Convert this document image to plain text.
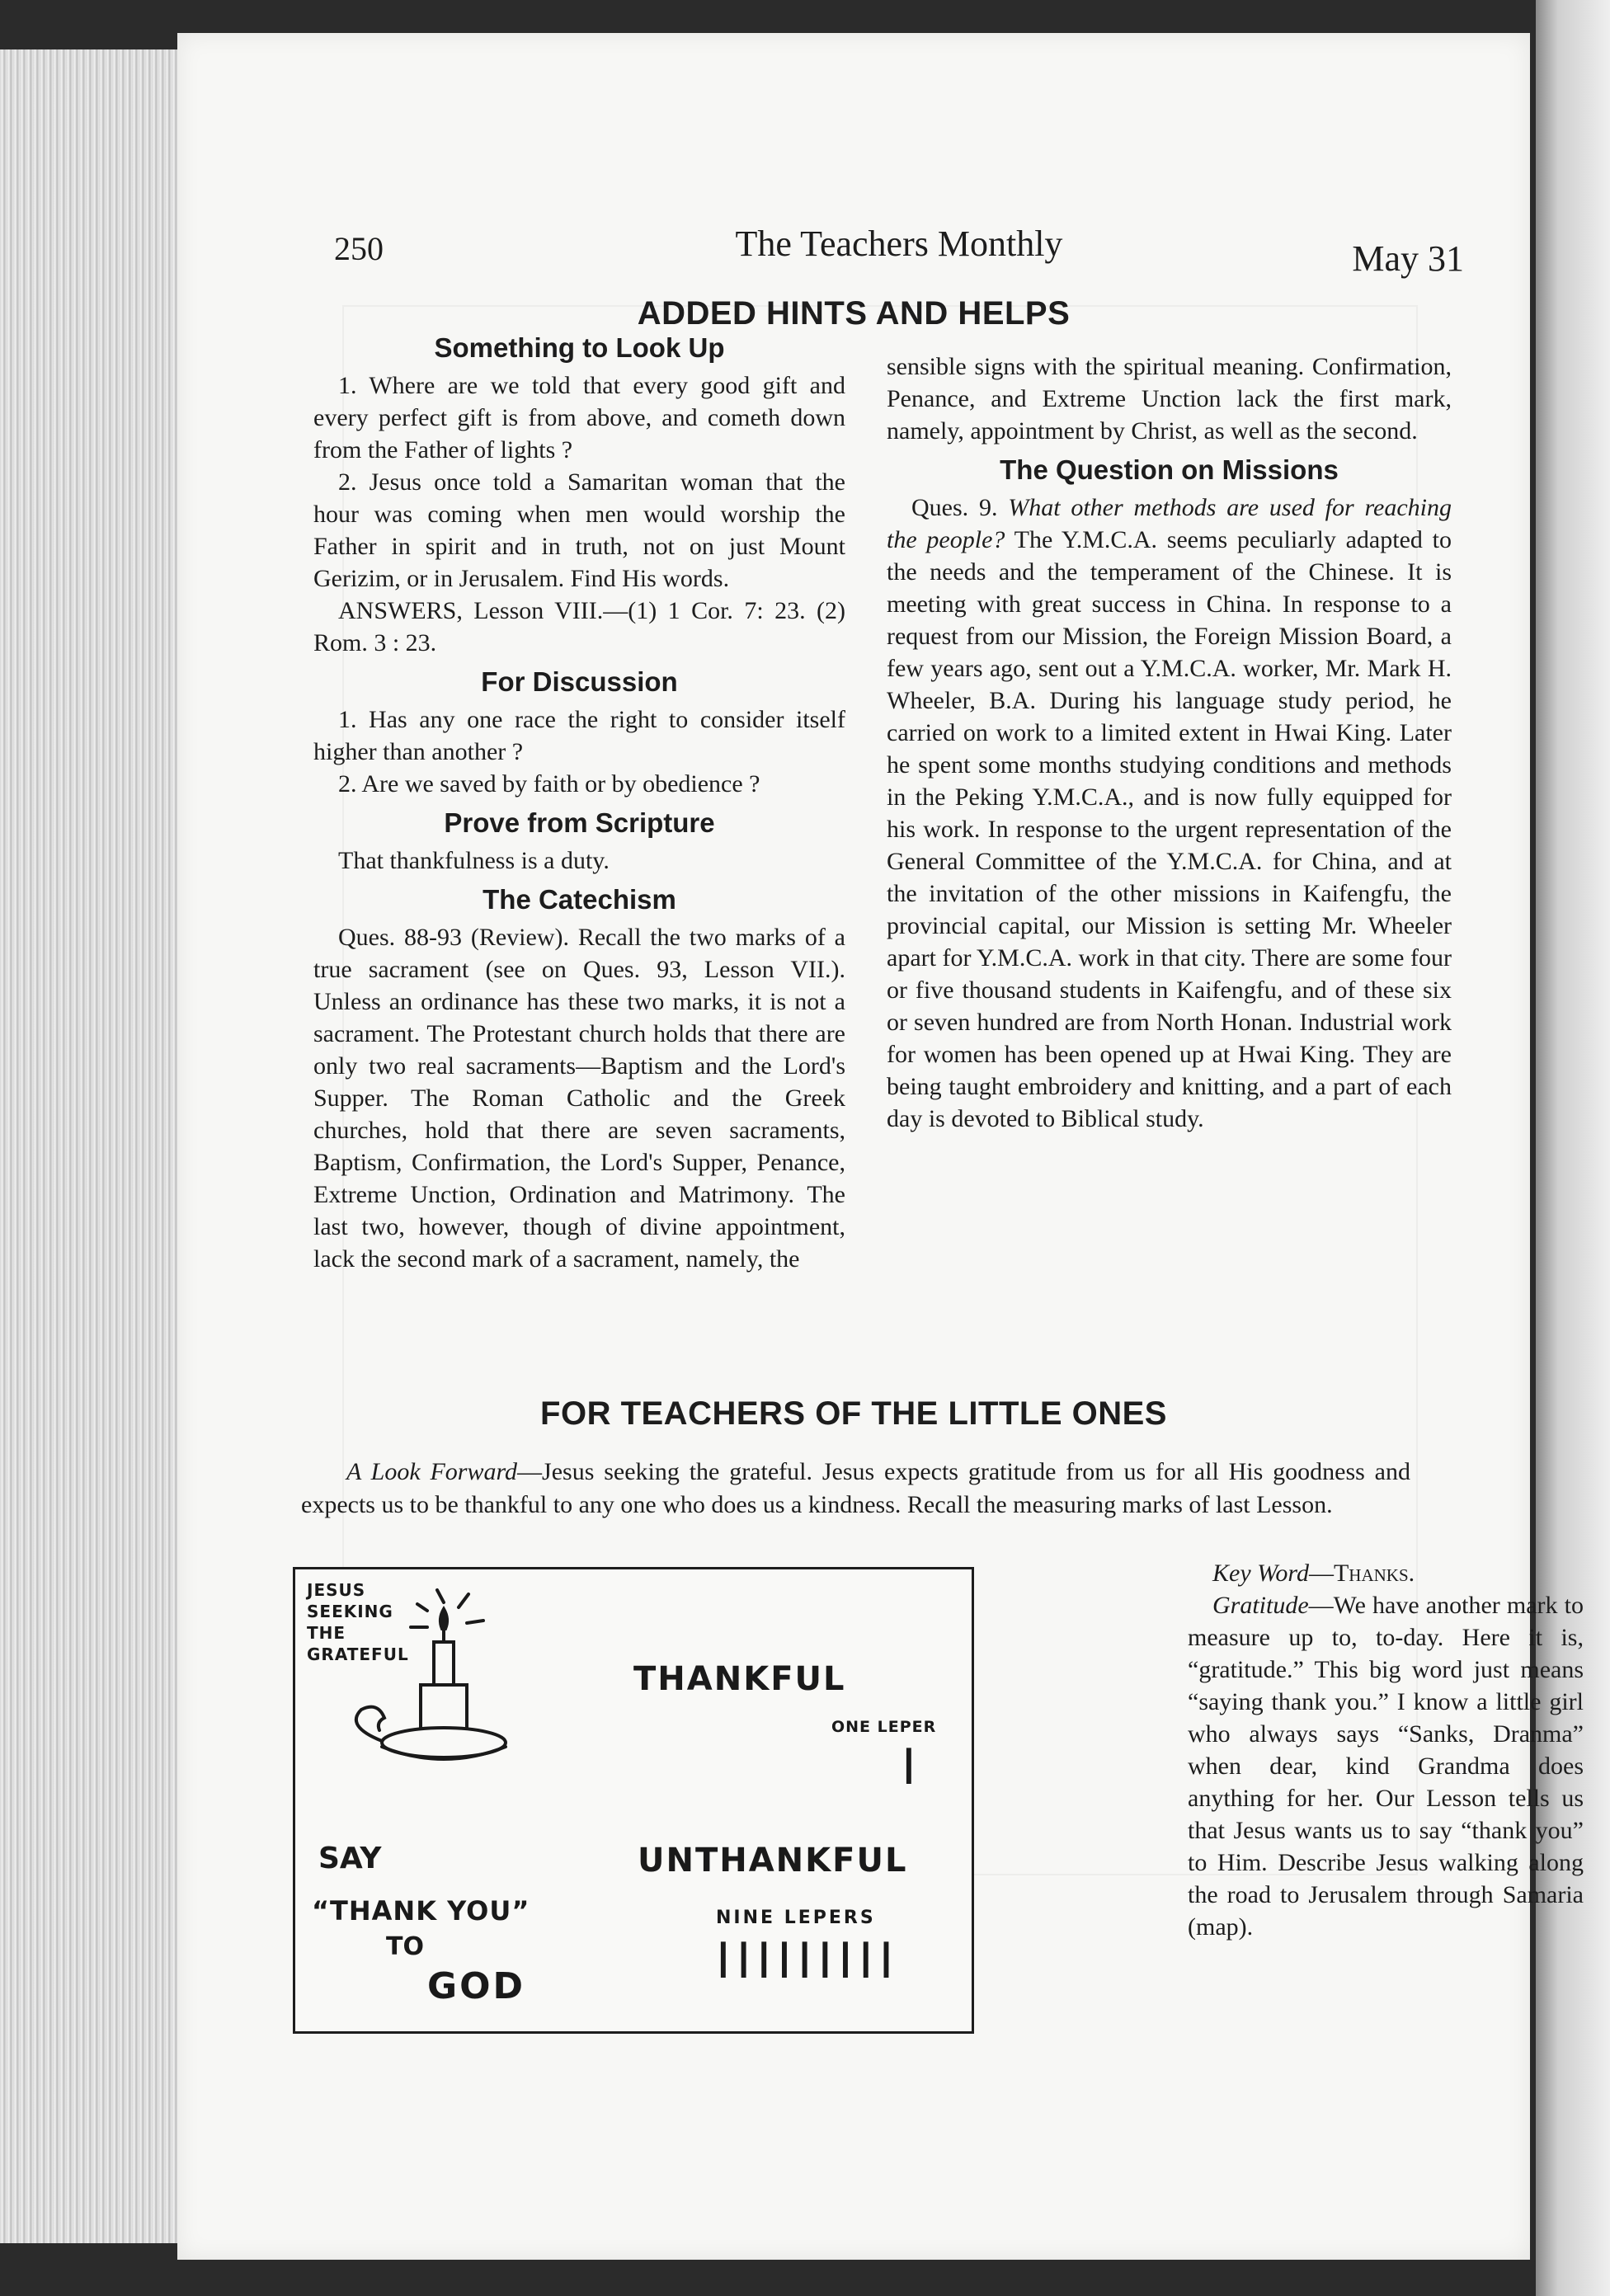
250	The Teachers Monthly	May 31
ADDED HINTS AND HELPS
Something to Look Up

1. Where are we told that every good gift and every perfect gift is from above, and cometh down from the Father of lights ?

2. Jesus once told a Samaritan woman that the hour was coming when men would worship the Father in spirit and in truth, not on just Mount Gerizim, or in Jerusalem. Find His words.

ANSWERS, Lesson VIII.—(1) 1 Cor. 7: 23. (2) Rom. 3 : 23.

For Discussion

1. Has any one race the right to consider itself higher than another ?

2. Are we saved by faith or by obedience ?

Prove from Scripture

That thankfulness is a duty.

The Catechism

Ques. 88-93 (Review). Recall the two marks of a true sacrament (see on Ques. 93, Lesson VII.). Unless an ordinance has these two marks, it is not a sacrament. The Protestant church holds that there are only two real sacraments—Baptism and the Lord's Supper. The Roman Catholic and the Greek churches, hold that there are seven sacraments, Baptism, Confirmation, the Lord's Supper, Penance, Extreme Unction, Ordination and Matrimony. The last two, however, though of divine appointment, lack the second mark of a sacrament, namely, the

sensible signs with the spiritual meaning. Confirmation, Penance, and Extreme Unction lack the first mark, namely, appointment by Christ, as well as the second.

The Question on Missions

Ques. 9. What other methods are used for reaching the people? The Y.M.C.A. seems peculiarly adapted to the needs and the temperament of the Chinese. It is meeting with great success in China. In response to a request from our Mission, the Foreign Mission Board, a few years ago, sent out a Y.M.C.A. worker, Mr. Mark H. Wheeler, B.A. During his language study period, he carried on work to a limited extent in Hwai King. Later he spent some months studying conditions and methods in the Peking Y.M.C.A., and is now fully equipped for his work. In response to the urgent representation of the General Committee of the Y.M.C.A. for China, and at the invitation of the other missions in Kaifengfu, the provincial capital, our Mission is setting Mr. Wheeler apart for Y.M.C.A. work in that city. There are some four or five thousand students in Kaifengfu, and of these six or seven hundred are from North Honan. Industrial work for women has been opened up at Hwai King. They are being taught embroidery and knitting, and a part of each day is devoted to Biblical study.

FOR TEACHERS OF THE LITTLE ONES
A Look Forward—Jesus seeking the grateful. Jesus expects gratitude from us for all His goodness and expects us to be thankful to any one who does us a kindness. Recall the measuring marks of last Lesson.
JESUS
SEEKING
THE
GRATEFUL
THANKFUL
ONE LEPER
I
UNTHANKFUL
NINE LEPERS
IIIIIIIII
SAY
“THANK YOU”
TO
GOD

Key Word—Thanks.

Gratitude—We have another mark to measure up to, to-day. Here it is, “gratitude.” This big word just means “saying thank you.” I know a little girl who always says “Sanks, Dranma” when dear, kind Grandma does anything for her. Our Lesson tells us that Jesus wants us to say “thank you” to Him. Describe Jesus walking along the road to Jerusalem through Samaria (map).
